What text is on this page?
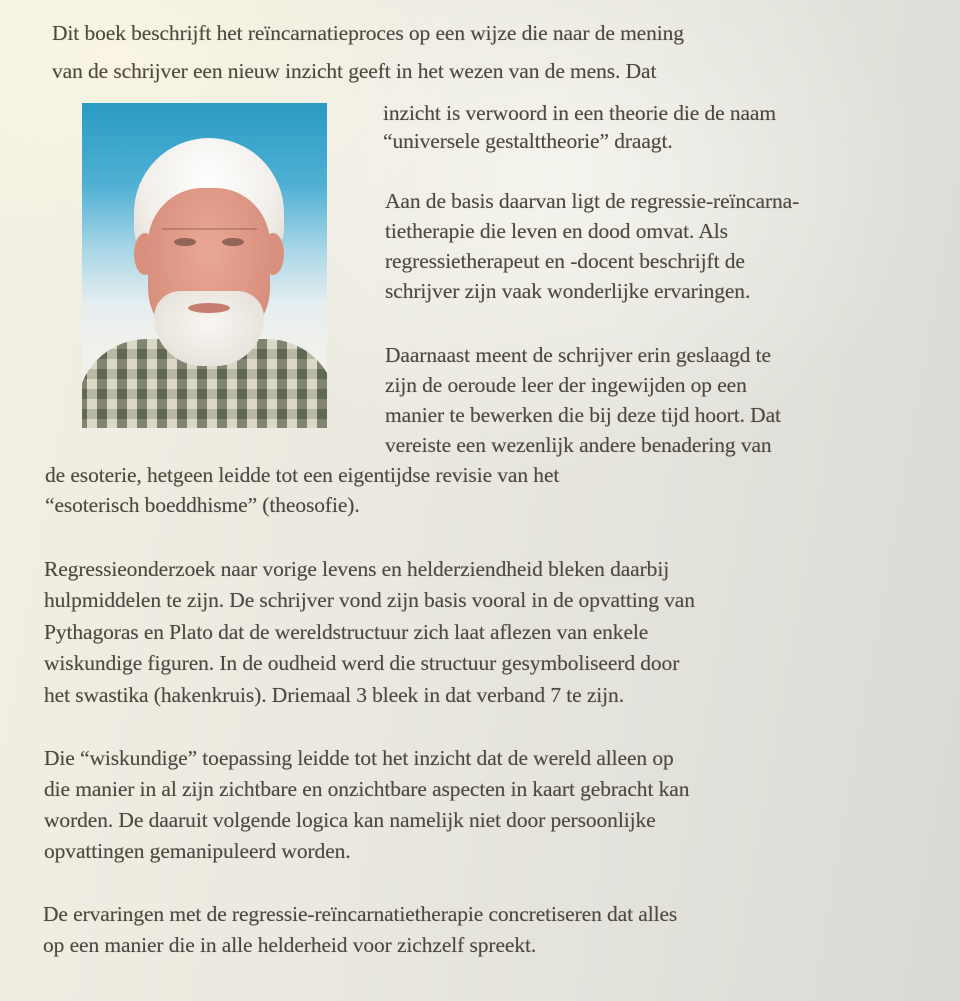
Dit boek beschrijft het reïncarnatieproces op een wijze die naar de mening
van de schrijver een nieuw inzicht geeft in het wezen van de mens. Dat
inzicht is verwoord in een theorie die de naam
“universele gestalttheorie” draagt.
Aan de basis daarvan ligt de regressie-reïncarna-
tietherapie die leven en dood omvat. Als
regressietherapeut en -docent beschrijft de
schrijver zijn vaak wonderlijke ervaringen.
Daarnaast meent de schrijver erin geslaagd te
zijn de oeroude leer der ingewijden op een
manier te bewerken die bij deze tijd hoort. Dat
vereiste een wezenlijk andere benadering van
de esoterie, hetgeen leidde tot een eigentijdse revisie van het
“esoterisch boeddhisme” (theosofie).
Regressieonderzoek naar vorige levens en helderziendheid bleken daarbij
hulpmiddelen te zijn. De schrijver vond zijn basis vooral in de opvatting van
Pythagoras en Plato dat de wereldstructuur zich laat aflezen van enkele
wiskundige figuren. In de oudheid werd die structuur gesymboliseerd door
het swastika (hakenkruis). Driemaal 3 bleek in dat verband 7 te zijn.
Die “wiskundige” toepassing leidde tot het inzicht dat de wereld alleen op
die manier in al zijn zichtbare en onzichtbare aspecten in kaart gebracht kan
worden. De daaruit volgende logica kan namelijk niet door persoonlijke
opvattingen gemanipuleerd worden.
De ervaringen met de regressie-reïncarnatietherapie concretiseren dat alles
op een manier die in alle helderheid voor zichzelf spreekt.
